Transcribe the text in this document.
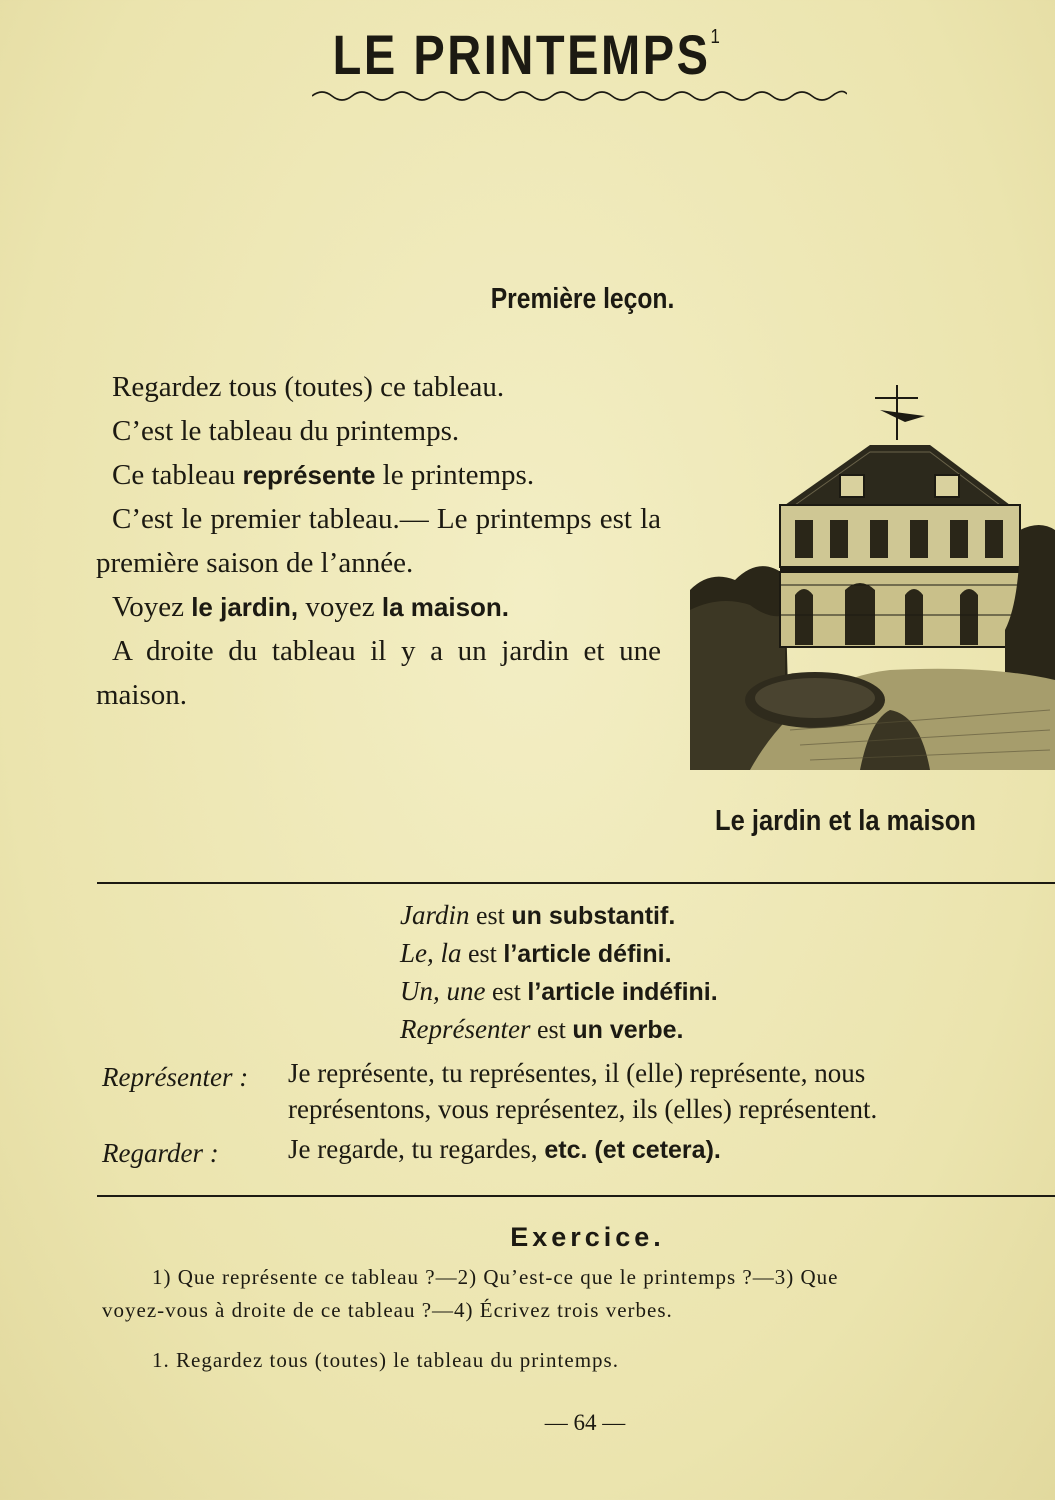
LE PRINTEMPS$^1$
Première leçon.

Regardez tous (toutes) ce tableau.

C’est le tableau du printemps.

Ce tableau représente le printemps.

C’est le premier tableau.— Le printemps est la première saison de l’année.

Voyez le jardin, voyez la maison.

A droite du tableau il y a un jardin et une maison.

Le jardin et la maison
Jardin est un substantif.
Le, la est l’article défini.
Un, une est l’article indéfini.
Représenter est un verbe.
Représenter : Je représente, tu représentes, il (elle) représente, nous
représentons, vous représentez, ils (elles) représentent.
Regarder :	Je regarde, tu regardes, etc. (et cetera).
Exercice.
1) Que représente ce tableau ?—2) Qu’est-ce que le printemps ?—3) Que
voyez-vous à droite de ce tableau ?—4) Écrivez trois verbes.
1. Regardez tous (toutes) le tableau du printemps.
— 64 —
